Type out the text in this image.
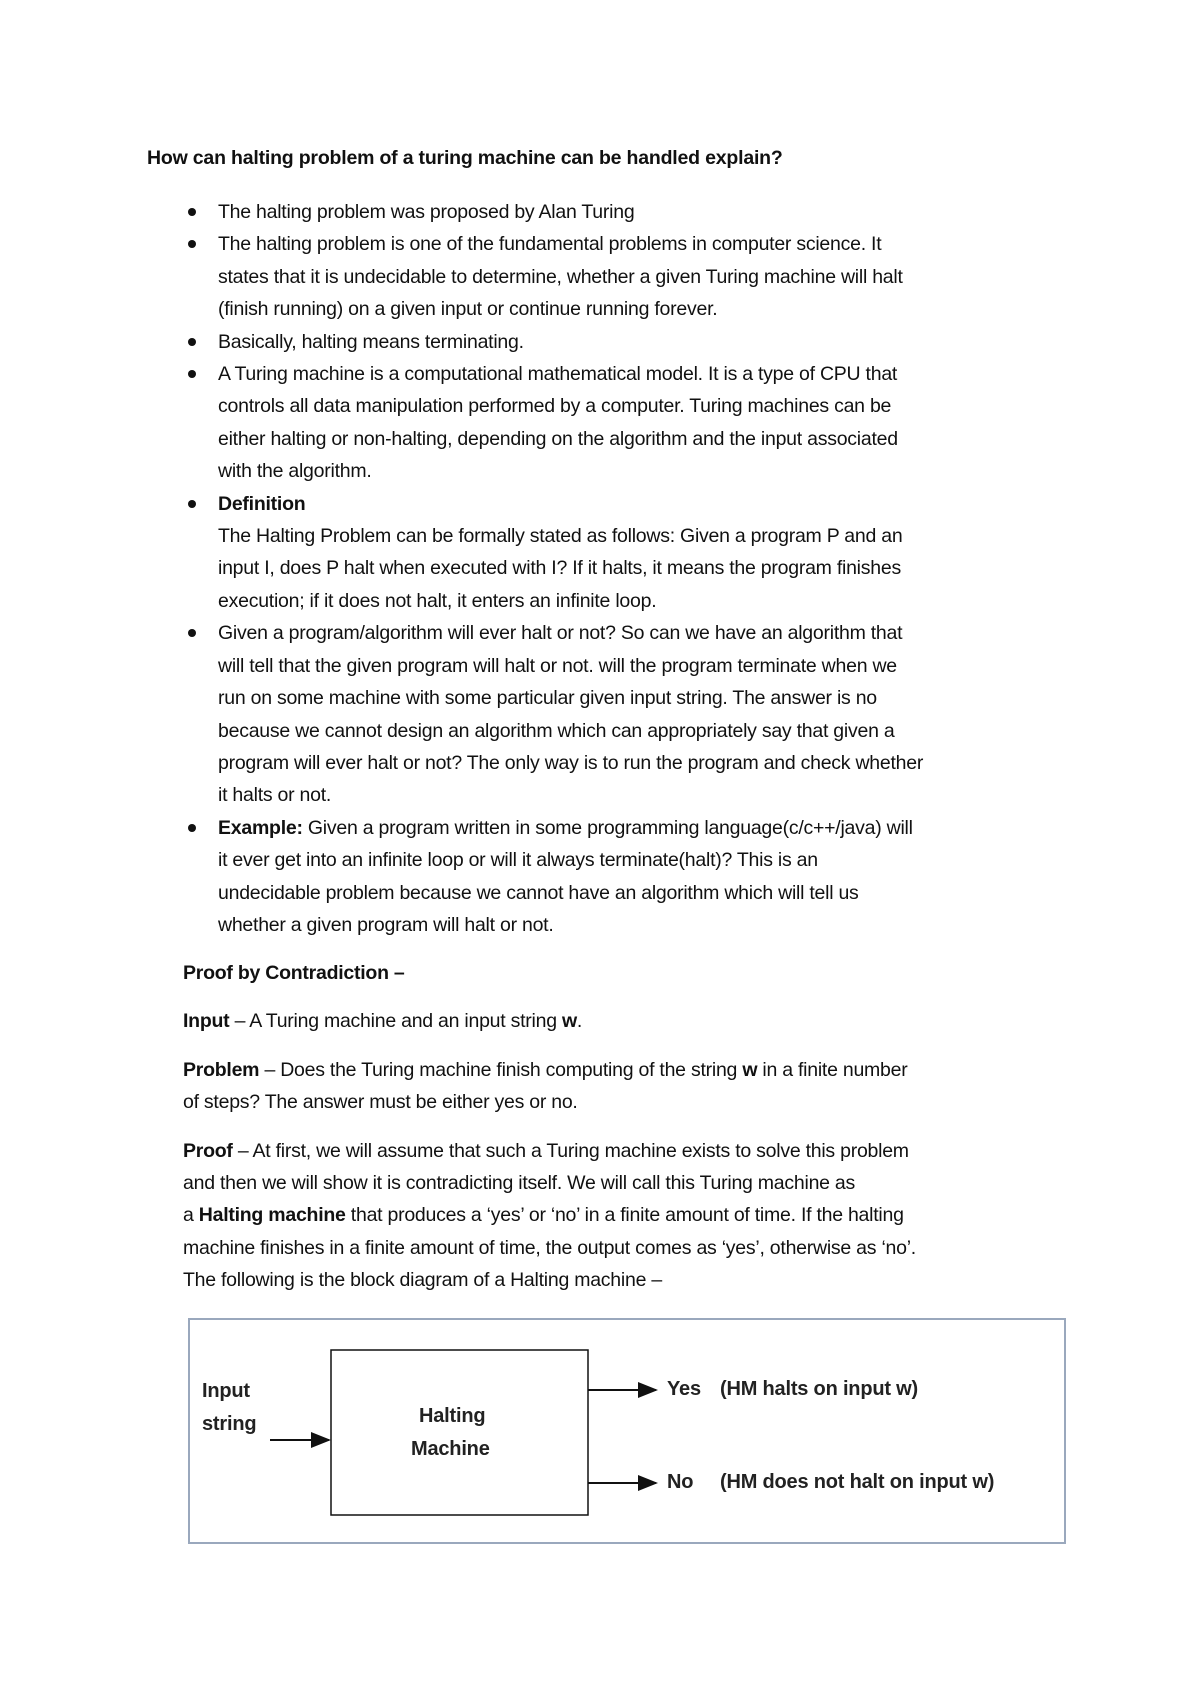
How can halting problem of a turing machine can be handled explain?
The halting problem was proposed by Alan Turing
The halting problem is one of the fundamental problems in computer science. It
states that it is undecidable to determine, whether a given Turing machine will halt
(finish running) on a given input or continue running forever.
Basically, halting means terminating.
A Turing machine is a computational mathematical model. It is a type of CPU that
controls all data manipulation performed by a computer. Turing machines can be
either halting or non-halting, depending on the algorithm and the input associated
with the algorithm.
Definition
The Halting Problem can be formally stated as follows: Given a program P and an
input I, does P halt when executed with I? If it halts, it means the program finishes
execution; if it does not halt, it enters an infinite loop.
Given a program/algorithm will ever halt or not? So can we have an algorithm that
will tell that the given program will halt or not. will the program terminate when we
run on some machine with some particular given input string. The answer is no
because we cannot design an algorithm which can appropriately say that given a
program will ever halt or not? The only way is to run the program and check whether
it halts or not.
Example: Given a program written in some programming language(c/c++/java) will
it ever get into an infinite loop or will it always terminate(halt)? This is an
undecidable problem because we cannot have an algorithm which will tell us
whether a given program will halt or not.
Proof by Contradiction –
Input – A Turing machine and an input string w.
Problem – Does the Turing machine finish computing of the string w in a finite number
of steps? The answer must be either yes or no.
Proof – At first, we will assume that such a Turing machine exists to solve this problem
and then we will show it is contradicting itself. We will call this Turing machine as
a Halting machine that produces a ‘yes’ or ‘no’ in a finite amount of time. If the halting
machine finishes in a finite amount of time, the output comes as ‘yes’, otherwise as ‘no’.
The following is the block diagram of a Halting machine –
Input
string	Halting
Machine
Yes (HM halts on input w)
No (HM does not halt on input w)
